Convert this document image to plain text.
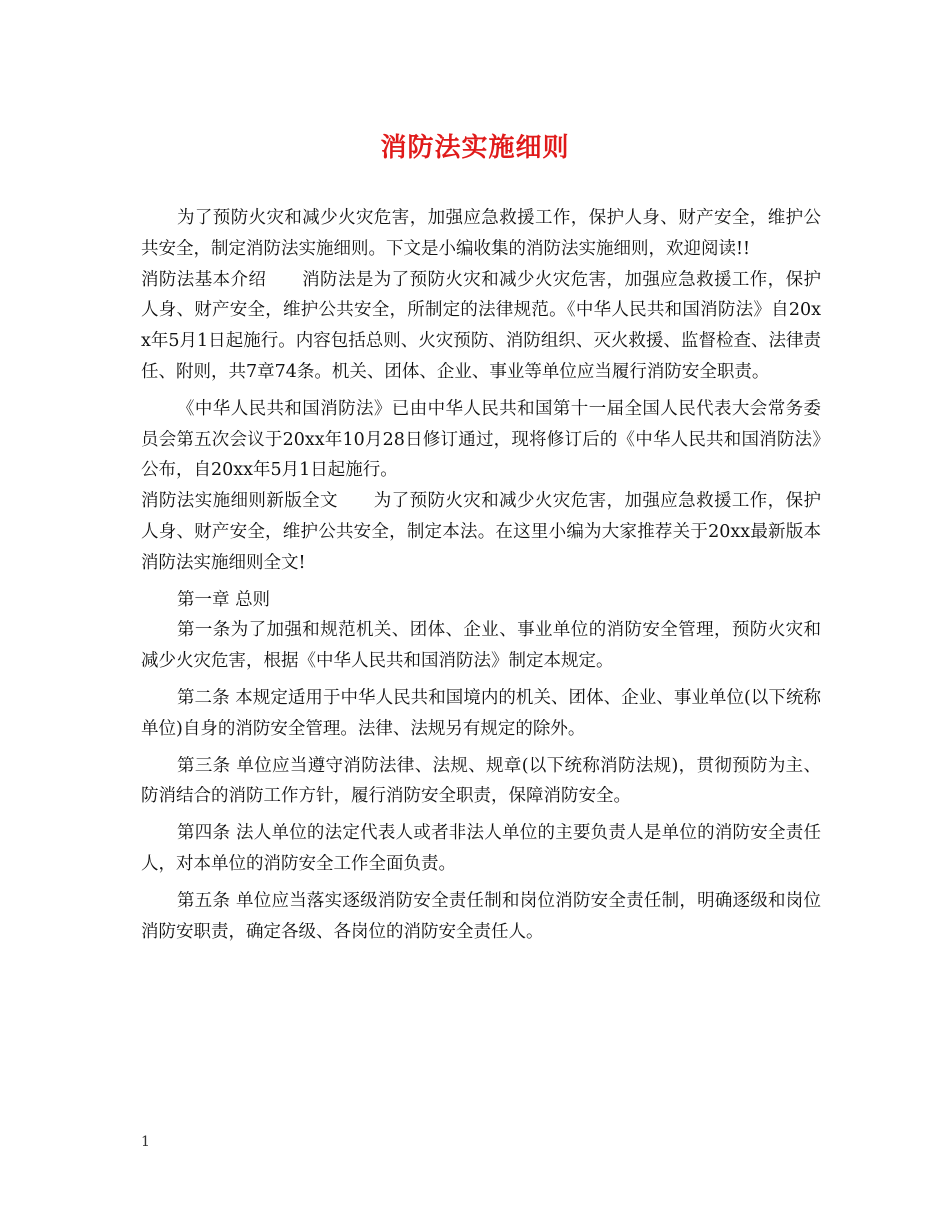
消防法实施细则

为了预防火灾和减少火灾危害，加强应急救援工作，保护人身、财产安全，维护公共安全，制定消防法实施细则。下文是小编收集的消防法实施细则，欢迎阅读!!

消防法基本介绍　　消防法是为了预防火灾和减少火灾危害，加强应急救援工作，保护人身、财产安全，维护公共安全，所制定的法律规范。《中华人民共和国消防法》自20xx年5月1日起施行。内容包括总则、火灾预防、消防组织、灭火救援、监督检查、法律责任、附则，共7章74条。机关、团体、企业、事业等单位应当履行消防安全职责。

《中华人民共和国消防法》已由中华人民共和国第十一届全国人民代表大会常务委员会第五次会议于20xx年10月28日修订通过，现将修订后的《中华人民共和国消防法》公布，自20xx年5月1日起施行。

消防法实施细则新版全文　　为了预防火灾和减少火灾危害，加强应急救援工作，保护人身、财产安全，维护公共安全，制定本法。在这里小编为大家推荐关于20xx最新版本消防法实施细则全文!

第一章 总则

第一条为了加强和规范机关、团体、企业、事业单位的消防安全管理，预防火灾和减少火灾危害，根据《中华人民共和国消防法》制定本规定。

第二条 本规定适用于中华人民共和国境内的机关、团体、企业、事业单位(以下统称单位)自身的消防安全管理。法律、法规另有规定的除外。

第三条 单位应当遵守消防法律、法规、规章(以下统称消防法规)，贯彻预防为主、防消结合的消防工作方针，履行消防安全职责，保障消防安全。

第四条 法人单位的法定代表人或者非法人单位的主要负责人是单位的消防安全责任人，对本单位的消防安全工作全面负责。

第五条 单位应当落实逐级消防安全责任制和岗位消防安全责任制，明确逐级和岗位消防安职责，确定各级、各岗位的消防安全责任人。

1
